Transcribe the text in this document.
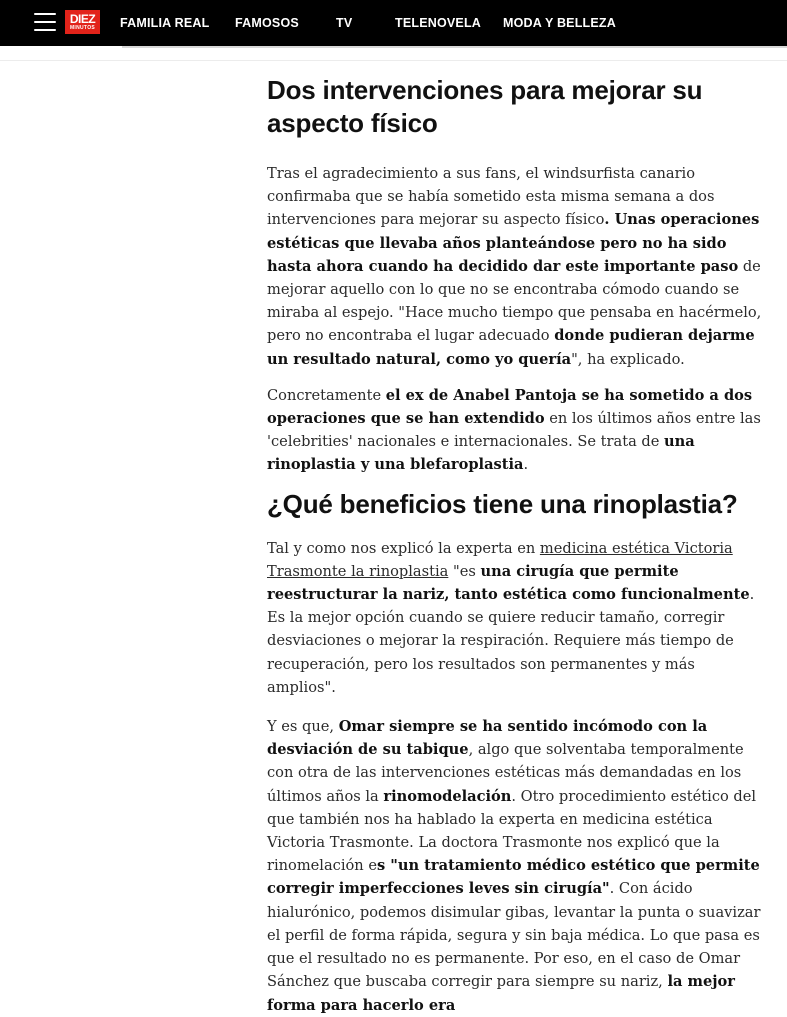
DIEZ
MINUTOS FAMILIA REAL FAMOSOS	TV	TELENOVELA MODA Y BELLEZA
Dos intervenciones para mejorar su aspecto físico

Tras el agradecimiento a sus fans, el windsurfista canario confirmaba que se había sometido esta misma semana a dos intervenciones para mejorar su aspecto físico. Unas operaciones estéticas que llevaba años planteándose pero no ha sido hasta ahora cuando ha decidido dar este importante paso de mejorar aquello con lo que no se encontraba cómodo cuando se miraba al espejo. "Hace mucho tiempo que pensaba en hacérmelo, pero no encontraba el lugar adecuado donde pudieran dejarme un resultado natural, como yo quería", ha explicado.

Concretamente el ex de Anabel Pantoja se ha sometido a dos operaciones que se han extendido en los últimos años entre las 'celebrities' nacionales e internacionales. Se trata de una rinoplastia y una blefaroplastia.

¿Qué beneficios tiene una rinoplastia?

Tal y como nos explicó la experta en medicina estética Victoria Trasmonte la rinoplastia "es una cirugía que permite reestructurar la nariz, tanto estética como funcionalmente. Es la mejor opción cuando se quiere reducir tamaño, corregir desviaciones o mejorar la respiración. Requiere más tiempo de recuperación, pero los resultados son permanentes y más amplios".

Y es que, Omar siempre se ha sentido incómodo con la desviación de su tabique, algo que solventaba temporalmente con otra de las intervenciones estéticas más demandadas en los últimos años la rinomodelación. Otro procedimiento estético del que también nos ha hablado la experta en medicina estética Victoria Trasmonte. La doctora Trasmonte nos explicó que la rinomelación es "un tratamiento médico estético que permite corregir imperfecciones leves sin cirugía". Con ácido hialurónico, podemos disimular gibas, levantar la punta o suavizar el perfil de forma rápida, segura y sin baja médica. Lo que pasa es que el resultado no es permanente. Por eso, en el caso de Omar Sánchez que buscaba corregir para siempre su nariz, la mejor forma para hacerlo era
